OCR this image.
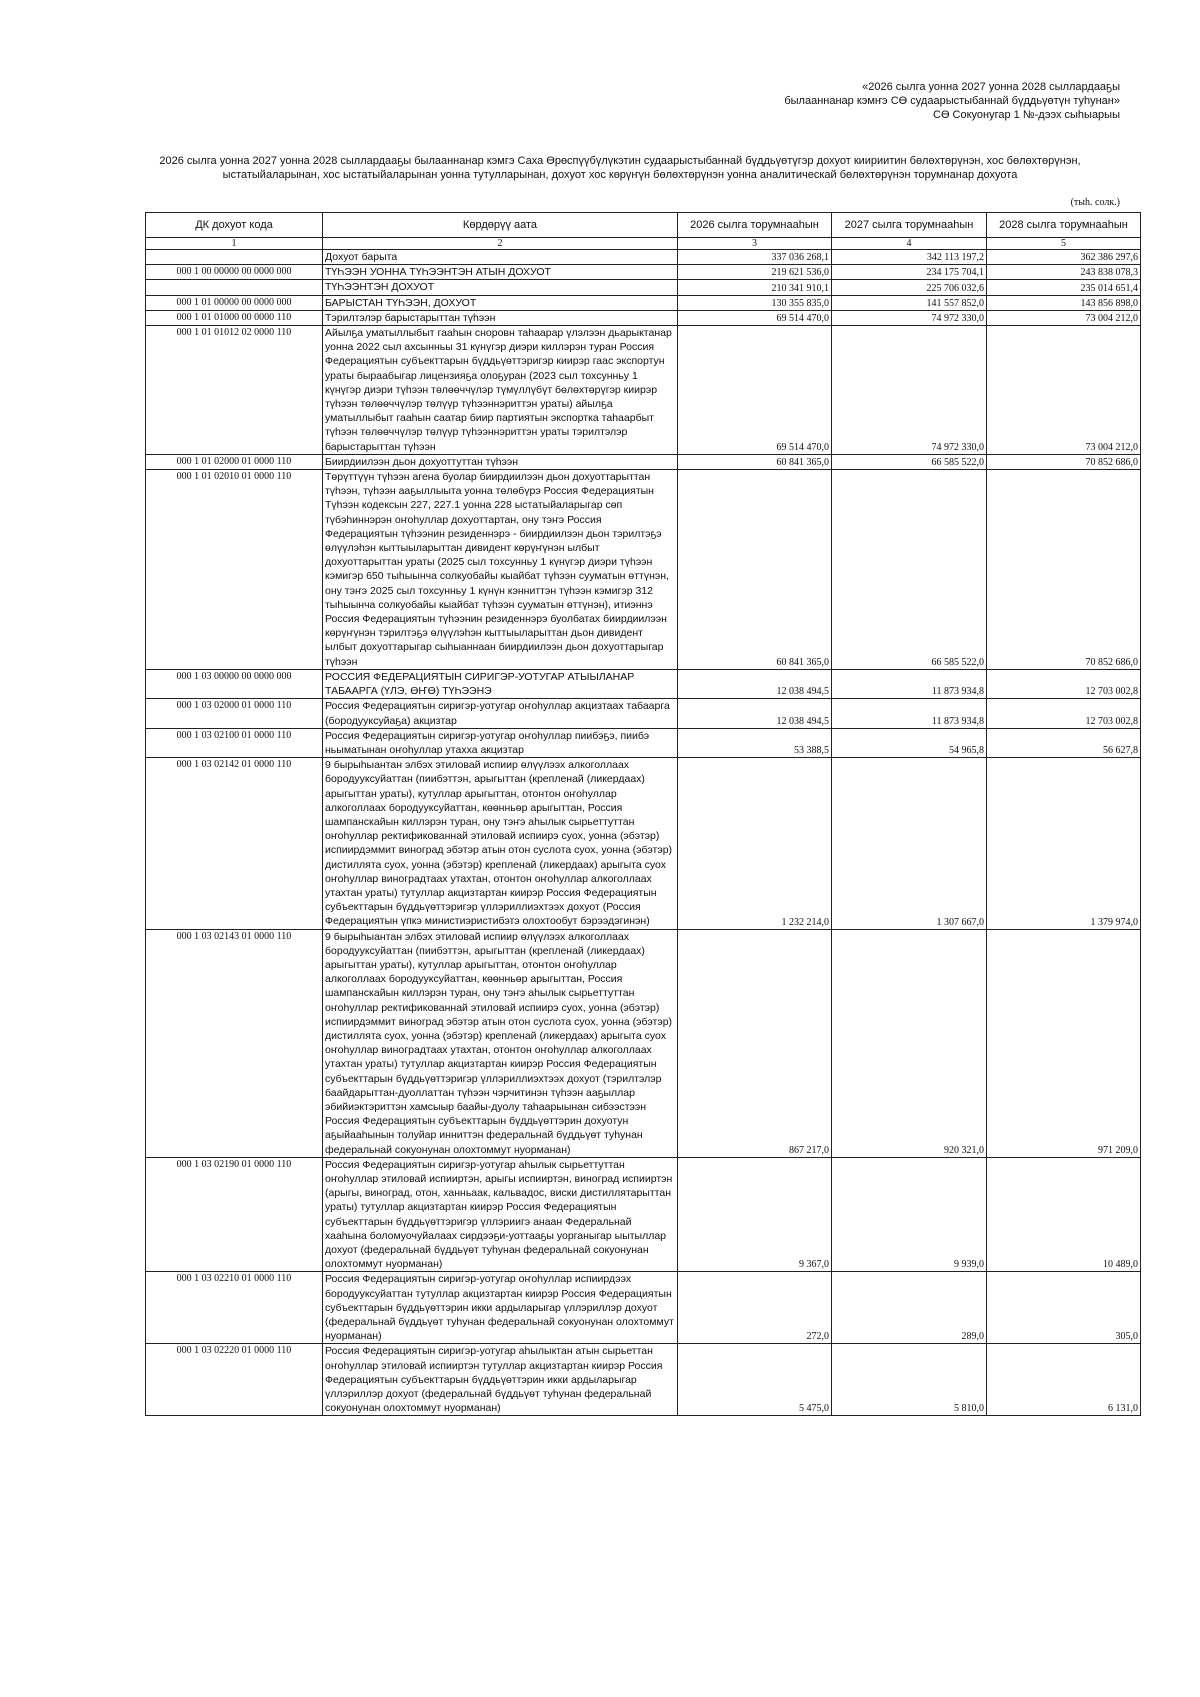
«2026 сылга уонна 2027 уонна 2028 сыллардааҕы
былааннанар кэмҥэ СӨ судаарыстыбаннай бүддьүөтүн туһунан»
СӨ Сокуонугар 1 №-дээх сыһыарыы
2026 сылга уонна 2027 уонна 2028 сыллардааҕы былааннанар кэмгэ Саха Өрөспүүбүлүкэтин судаарыстыбаннай бүддьүөтүгэр дохуот киириитин бөлөхтөрүнэн, хос бөлөхтөрүнэн,
ыстатыйаларынан, хос ыстатыйаларынан уонна тутулларынан, дохуот хос көрүҥүн бөлөхтөрүнэн уонна аналитическай бөлөхтөрүнэн торумнанар дохуота
(тыһ. солк.)
ДК дохуот кода	Көрдөрүү аата	2026 сылга торумнааһын	2027 сылга торумнааһын	2028 сылга торумнааһын
1	2	3	4	5
	Дохуот барыта	337 036 268,1	342 113 197,2	362 386 297,6
000 1 00 00000 00 0000 000	ТҮҺЭЭН УОННА ТҮҺЭЭНТЭН АТЫН ДОХУОТ	219 621 536,0	234 175 704,1	243 838 078,3
	ТҮҺЭЭНТЭН ДОХУОТ	210 341 910,1	225 706 032,6	235 014 651,4
000 1 01 00000 00 0000 000	БАРЫСТАН ТҮҺЭЭН, ДОХУОТ	130 355 835,0	141 557 852,0	143 856 898,0
000 1 01 01000 00 0000 110	Тэрилтэлэр барыстарыттан түһээн	69 514 470,0	74 972 330,0	73 004 212,0
000 1 01 01012 02 0000 110	Айылҕа уматыллыбыт гааһын сноровн таһаарар үлэлээн дьарыктанар уонна 2022 сыл ахсынньы 31 күнүгэр диэри киллэрэн туран Россия Федерациятын субъекттарын бүддьүөттэригэр киирэр гаас экспортун ураты быраабыгар лицензияҕа олоҕуран (2023 сыл тохсунньу 1 күнүгэр диэри түһээн төлөөччүлэр түмүллүбүт бөлөхтөрүгэр киирэр түһээн төлөөччүлэр төлүүр түһээннэриттэн ураты) айылҕа уматыллыбыт гааһын саатар биир партиятын экспортка таһаарбыт түһээн төлөөччүлэр төлүүр түһээннэриттэн ураты тэрилтэлэр барыстарыттан түһээн	69 514 470,0	74 972 330,0	73 004 212,0
000 1 01 02000 01 0000 110	Биирдиилээн дьон дохуоттуттан түһээн	60 841 365,0	66 585 522,0	70 852 686,0
000 1 01 02010 01 0000 110	Төрүттүүн түһээн агена буолар биирдиилээн дьон дохуоттарыттан түһээн, түһээн ааҕыллыыта уонна төлөбүрэ Россия Федерациятын Түһээн кодексын 227, 227.1 уонна 228 ыстатыйаларыгар сөп түбэһиннэрэн оҥоһуллар дохуоттартан, ону тэҥэ Россия Федерациятын түһээнин резиденнэрэ - биирдиилээн дьон тэрилтэҕэ өлүүлэһэн кыттыыларыттан дивидент көрүҥүнэн ылбыт дохуоттарыттан ураты (2025 сыл тохсунньу 1 күнүгэр диэри түһээн кэмигэр 650 тыһыынча солкуобайы кыайбат түһээн сууматын өттүнэн, ону тэҥэ 2025 сыл тохсунньу 1 күнүн кэнниттэн түһээн кэмигэр 312 тыһыынча солкуобайы кыайбат түһээн сууматын өттүнэн), итиэннэ Россия Федерациятын түһээнин резиденнэрэ буолбатах биирдиилээн көрүҥүнэн тэрилтэҕэ өлүүлэһэн кыттыыларыттан дьон дивидент ылбыт дохуоттарыгар сыһыаннаан биирдиилээн дьон дохуоттарыгар түһээн	60 841 365,0	66 585 522,0	70 852 686,0
000 1 03 00000 00 0000 000	РОССИЯ ФЕДЕРАЦИЯТЫН СИРИГЭР-УОТУГАР АТЫЫЛАНАР ТАБААРГА (ҮЛЭ, ӨҤӨ) ТҮҺЭЭНЭ	12 038 494,5	11 873 934,8	12 703 002,8
000 1 03 02000 01 0000 110	Россия Федерациятын сиригэр-уотугар оҥоһуллар акцизтаах табаарга (бородууксуйаҕа) акцизтар	12 038 494,5	11 873 934,8	12 703 002,8
000 1 03 02100 01 0000 110	Россия Федерациятын сиригэр-уотугар оҥоһуллар пиибэҕэ, пиибэ ньыматынан оҥоһуллар утахха акцизтар	53 388,5	54 965,8	56 627,8
000 1 03 02142 01 0000 110	9 бырыһыантан элбэх этиловай испиир өлүүлээх алкоголлаах бородууксуйаттан (пиибэттэн, арыгыттан (крепленай (ликердаах) арыгыттан ураты), кутуллар арыгыттан, отонтон оҥоһуллар алкоголлаах бородууксуйаттан, көөнньөр арыгыттан, Россия шампанскайын киллэрэн туран, ону тэҥэ аһылык сырьеттуттан оҥоһуллар ректификованнай этиловай испиирэ суох, уонна (эбэтэр) испиирдэммит виноград эбэтэр атын отон суслота суох, уонна (эбэтэр) дистиллята суох, уонна (эбэтэр) крепленай (ликердаах) арыгыта суох оҥоһуллар виноградтаах утахтан, отонтон оҥоһуллар алкоголлаах утахтан ураты) тутуллар акцизтартан киирэр Россия Федерациятын субъекттарын бүддьүөттэригэр үллэриллиэхтээх дохуот (Россия Федерациятын үпкэ министиэристибэтэ олохтообут бэрээдэгинэн)	1 232 214,0	1 307 667,0	1 379 974,0
000 1 03 02143 01 0000 110	9 бырыһыантан элбэх этиловай испиир өлүүлээх алкоголлаах бородууксуйаттан (пиибэттэн, арыгыттан (крепленай (ликердаах) арыгыттан ураты), кутуллар арыгыттан, отонтон оҥоһуллар алкоголлаах бородууксуйаттан, көөнньөр арыгыттан, Россия шампанскайын киллэрэн туран, ону тэҥэ аһылык сырьеттуттан оҥоһуллар ректификованнай этиловай испиирэ суох, уонна (эбэтэр) испиирдэммит виноград эбэтэр атын отон суслота суох, уонна (эбэтэр) дистиллята суох, уонна (эбэтэр) крепленай (ликердаах) арыгыта суох оҥоһуллар виноградтаах утахтан, отонтон оҥоһуллар алкоголлаах утахтан ураты) тутуллар акцизтартан киирэр Россия Федерациятын субъекттарын бүддьүөттэригэр үллэриллиэхтээх дохуот (тэрилтэлэр баайдарыттан-дуоллаттан түһээн чэрчитинэн түһээн ааҕыллар эбийиэктэриттэн хамсыыр баайы-дуолу таһаарыынан сибээстээн Россия Федерациятын субъекттарын бүддьүөттэрин дохуотун аҕыйааһынын толуйар инниттэн федеральнай бүддьүөт туһунан федеральнай сокуонунан олохтоммут нуорманан)	867 217,0	920 321,0	971 209,0
000 1 03 02190 01 0000 110	Россия Федерациятын сиригэр-уотугар аһылык сырьеттуттан оҥоһуллар этиловай испииртэн, арыгы испииртэн, виноград испииртэн (арыгы, виноград, отон, ханньаак, кальвадос, виски дистиллятарыттан ураты) тутуллар акцизтартан киирэр Россия Федерациятын субъекттарын бүддьүөттэригэр үллэриигэ анаан Федеральнай хааһына боломуочуйалаах сирдээҕи-уоттааҕы уорганыгар ыытыллар дохуот (федеральнай бүддьүөт туһунан федеральнай сокуонунан олохтоммут нуорманан)	9 367,0	9 939,0	10 489,0
000 1 03 02210 01 0000 110	Россия Федерациятын сиригэр-уотугар оҥоһуллар испиирдээх бородууксуйаттан тутуллар акцизтартан киирэр Россия Федерациятын субъекттарын бүддьүөттэрин икки ардыларыгар үллэриллэр дохуот (федеральнай бүддьүөт туһунан федеральнай сокуонунан олохтоммут нуорманан)	272,0	289,0	305,0
000 1 03 02220 01 0000 110	Россия Федерациятын сиригэр-уотугар аһылыктан атын сырьеттан оҥоһуллар этиловай испииртэн тутуллар акцизтартан киирэр Россия Федерациятын субъекттарын бүддьүөттэрин икки ардыларыгар үллэриллэр дохуот (федеральнай бүддьүөт туһунан федеральнай сокуонунан олохтоммут нуорманан)	5 475,0	5 810,0	6 131,0
